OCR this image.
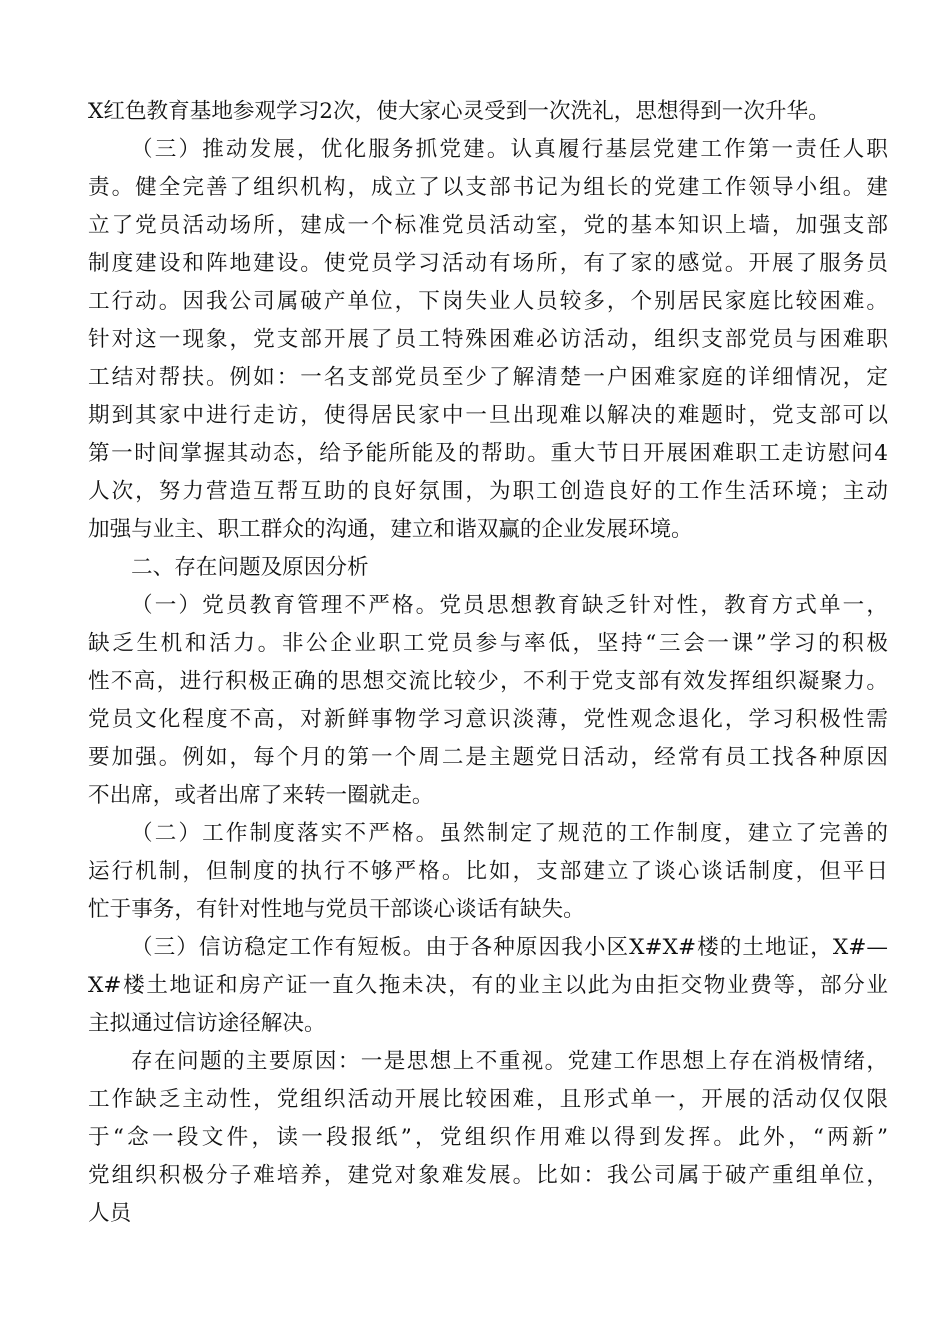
X红色教育基地参观学习2次，使大家心灵受到一次洗礼，思想得到一次升华。
（三）推动发展，优化服务抓党建。认真履行基层党建工作第一责任人职
责。健全完善了组织机构，成立了以支部书记为组长的党建工作领导小组。建
立了党员活动场所，建成一个标准党员活动室，党的基本知识上墙，加强支部
制度建设和阵地建设。使党员学习活动有场所，有了家的感觉。开展了服务员
工行动。因我公司属破产单位，下岗失业人员较多，个别居民家庭比较困难。
针对这一现象，党支部开展了员工特殊困难必访活动，组织支部党员与困难职
工结对帮扶。例如：一名支部党员至少了解清楚一户困难家庭的详细情况，定
期到其家中进行走访，使得居民家中一旦出现难以解决的难题时，党支部可以
第一时间掌握其动态，给予能所能及的帮助。重大节日开展困难职工走访慰问4
人次，努力营造互帮互助的良好氛围，为职工创造良好的工作生活环境；主动
加强与业主、职工群众的沟通，建立和谐双赢的企业发展环境。
二、存在问题及原因分析
（一）党员教育管理不严格。党员思想教育缺乏针对性，教育方式单一，
缺乏生机和活力。非公企业职工党员参与率低，坚持“三会一课”学习的积极
性不高，进行积极正确的思想交流比较少，不利于党支部有效发挥组织凝聚力。
党员文化程度不高，对新鲜事物学习意识淡薄，党性观念退化，学习积极性需
要加强。例如，每个月的第一个周二是主题党日活动，经常有员工找各种原因
不出席，或者出席了来转一圈就走。
（二）工作制度落实不严格。虽然制定了规范的工作制度，建立了完善的
运行机制，但制度的执行不够严格。比如，支部建立了谈心谈话制度，但平日
忙于事务，有针对性地与党员干部谈心谈话有缺失。
（三）信访稳定工作有短板。由于各种原因我小区X#X#楼的土地证，X#—
X#楼土地证和房产证一直久拖未决，有的业主以此为由拒交物业费等，部分业
主拟通过信访途径解决。
存在问题的主要原因：一是思想上不重视。党建工作思想上存在消极情绪，
工作缺乏主动性，党组织活动开展比较困难，且形式单一，开展的活动仅仅限
于“念一段文件，读一段报纸”，党组织作用难以得到发挥。此外，“两新”
党组织积极分子难培养，建党对象难发展。比如：我公司属于破产重组单位，
人员
